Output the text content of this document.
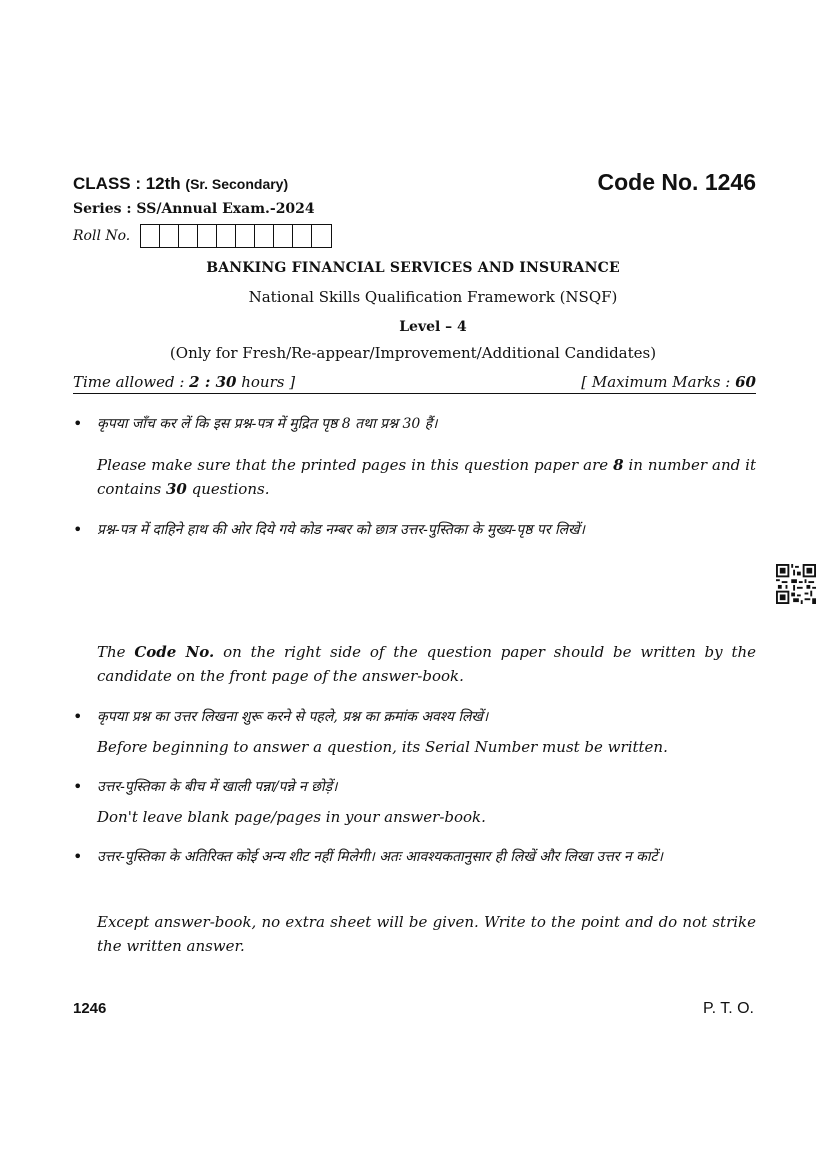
CLASS : 12th (Sr. Secondary)	Code No. 1246
Series : SS/Annual Exam.-2024
Roll No.
BANKING FINANCIAL SERVICES AND INSURANCE
National Skills Qualification Framework (NSQF)
Level – 4
(Only for Fresh/Re-appear/Improvement/Additional Candidates)
Time allowed : 2 : 30 hours ]	[ Maximum Marks : 60
• कृपया जाँच कर लें कि इस प्रश्न-पत्र में मुद्रित पृष्ठ 8 तथा प्रश्न 30 हैं।
Please make sure that the printed pages in this question paper are 8 in number and it contains 30 questions.
• प्रश्न-पत्र में दाहिने हाथ की ओर दिये गये कोड नम्बर को छात्र उत्तर-पुस्तिका के मुख्य-पृष्ठ पर लिखें।
The Code No. on the right side of the question paper should be written by the candidate on the front page of the answer-book.
• कृपया प्रश्न का उत्तर लिखना शुरू करने से पहले, प्रश्न का क्रमांक अवश्य लिखें।
Before beginning to answer a question, its Serial Number must be written.
• उत्तर-पुस्तिका के बीच में खाली पन्ना/पन्ने न छोड़ें।
Don't leave blank page/pages in your answer-book.
• उत्तर-पुस्तिका के अतिरिक्त कोई अन्य शीट नहीं मिलेगी। अतः आवश्यकतानुसार ही लिखें और लिखा उत्तर न काटें।
Except answer-book, no extra sheet will be given. Write to the point and do not strike the written answer.
1246	P. T. O.
